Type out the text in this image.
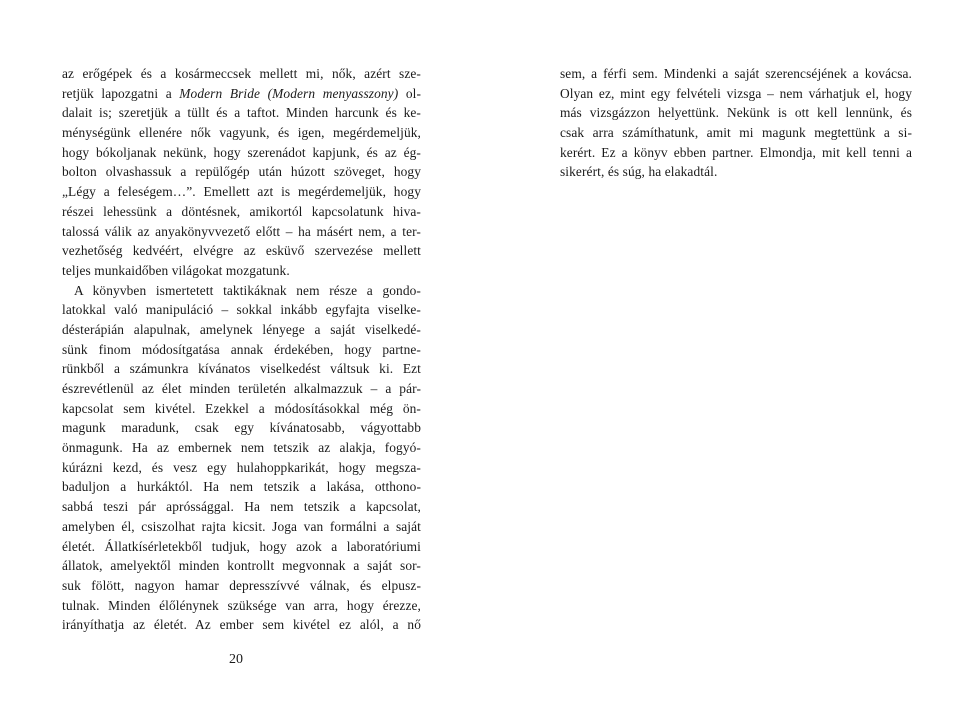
az erőgépek és a kosármeccsek mellett mi, nők, azért sze-
retjük lapozgatni a Modern Bride (Modern menyasszony) ol-
dalait is; szeretjük a tüllt és a taftot. Minden harcunk és ke-
ménységünk ellenére nők vagyunk, és igen, megérdemeljük,
hogy bókoljanak nekünk, hogy szerenádot kapjunk, és az ég-
bolton olvashassuk a repülőgép után húzott szöveget, hogy
„Légy a feleségem…”. Emellett azt is megérdemeljük, hogy
részei lehessünk a döntésnek, amikortól kapcsolatunk hiva-
talossá válik az anyakönyvvezető előtt – ha másért nem, a ter-
vezhetőség kedvéért, elvégre az esküvő szervezése mellett
teljes munkaidőben világokat mozgatunk.
A könyvben ismertetett taktikáknak nem része a gondo-
latokkal való manipuláció – sokkal inkább egyfajta viselke-
désterápián alapulnak, amelynek lényege a saját viselkedé-
sünk finom módosítgatása annak érdekében, hogy partne-
rünkből a számunkra kívánatos viselkedést váltsuk ki. Ezt
észrevétlenül az élet minden területén alkalmazzuk – a pár-
kapcsolat sem kivétel. Ezekkel a módosításokkal még ön-
magunk maradunk, csak egy kívánatosabb, vágyottabb
önmagunk. Ha az embernek nem tetszik az alakja, fogyó-
kúrázni kezd, és vesz egy hulahoppkarikát, hogy megsza-
baduljon a hurkáktól. Ha nem tetszik a lakása, otthono-
sabbá teszi pár apróssággal. Ha nem tetszik a kapcsolat,
amelyben él, csiszolhat rajta kicsit. Joga van formálni a saját
életét. Állatkísérletekből tudjuk, hogy azok a laboratóriumi
állatok, amelyektől minden kontrollt megvonnak a saját sor-
suk fölött, nagyon hamar depresszívvé válnak, és elpusz-
tulnak. Minden élőlénynek szüksége van arra, hogy érezze,
irányíthatja az életét. Az ember sem kivétel ez alól, a nő
20
sem, a férfi sem. Mindenki a saját szerencséjének a kovácsa.
Olyan ez, mint egy felvételi vizsga – nem várhatjuk el, hogy
más vizsgázzon helyettünk. Nekünk is ott kell lennünk, és
csak arra számíthatunk, amit mi magunk megtettünk a si-
kerért. Ez a könyv ebben partner. Elmondja, mit kell tenni a
sikerért, és súg, ha elakadtál.
